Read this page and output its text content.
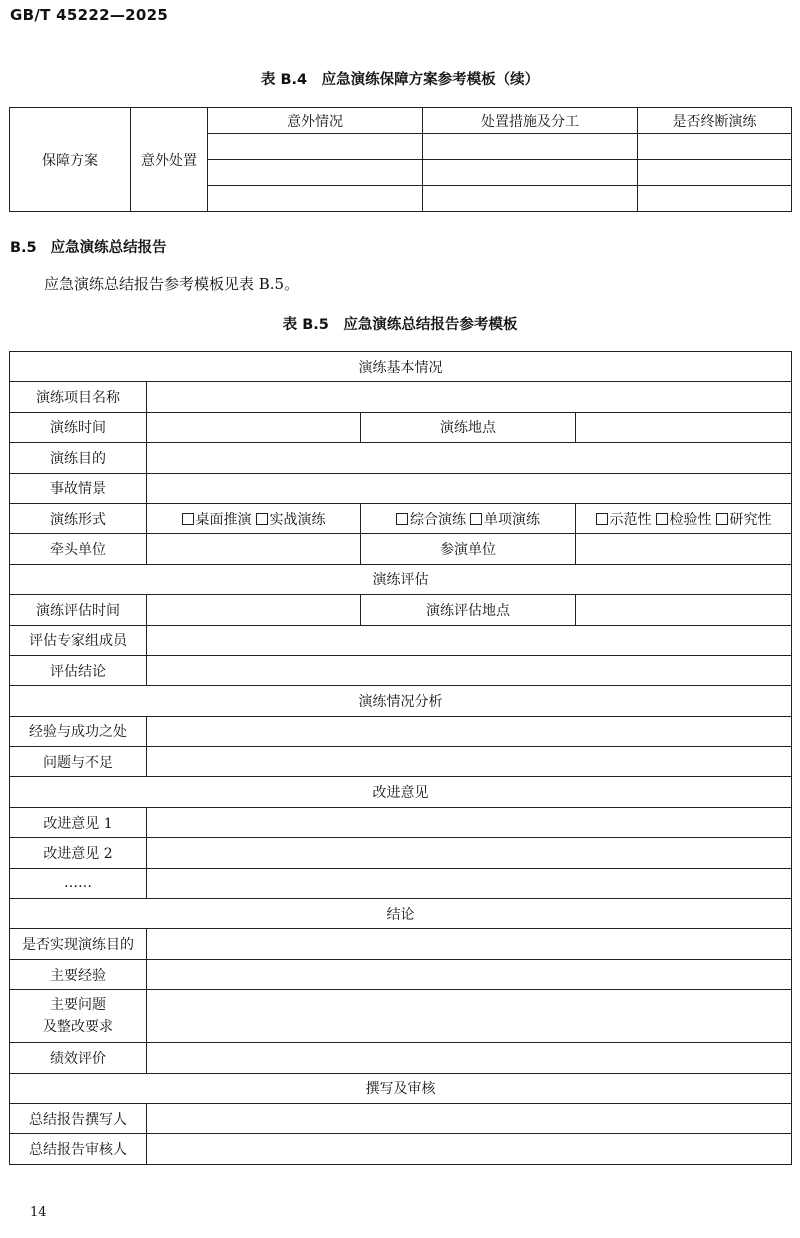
GB/T 45222—2025
表 B.4　应急演练保障方案参考模板（续）
保障方案	意外处置	意外情况	处置措施及分工	是否终断演练

B.5 应急演练总结报告
应急演练总结报告参考模板见表 B.5。
表 B.5　应急演练总结报告参考模板
演练基本情况			
演练项目名称			
演练时间		演练地点	
演练目的			
事故情景			
演练形式	桌面推演 实战演练	综合演练 单项演练	示范性 检验性 研究性

牵头单位		参演单位	
演练评估			
演练评估时间		演练评估地点	
评估专家组成员			
评估结论			
演练情况分析			
经验与成功之处			
问题与不足			
改进意见			
改进意见 1			
改进意见 2			
……			
结论			
是否实现演练目的			
主要经验			
主要问题
及整改要求			
绩效评价			
撰写及审核			
总结报告撰写人			
总结报告审核人			
14
